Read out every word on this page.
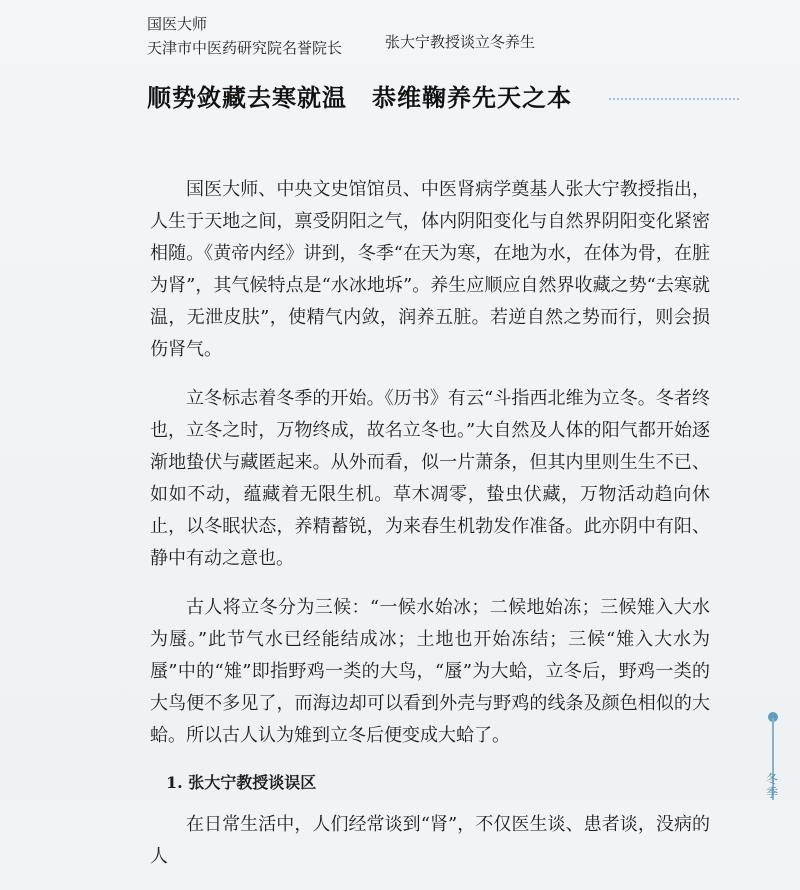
国医大师
天津市中医药研究院名誉院长	张大宁教授谈立冬养生
顺势敛藏去寒就温　恭维鞠养先天之本

国医大师、中央文史馆馆员、中医肾病学奠基人张大宁教授指出，人生于天地之间，禀受阴阳之气，体内阴阳变化与自然界阴阳变化紧密相随。《黄帝内经》讲到，冬季“在天为寒，在地为水，在体为骨，在脏为肾”，其气候特点是“水冰地坼”。养生应顺应自然界收藏之势“去寒就温，无泄皮肤”，使精气内敛，润养五脏。若逆自然之势而行，则会损伤肾气。

立冬标志着冬季的开始。《历书》有云“斗指西北维为立冬。冬者终也，立冬之时，万物终成，故名立冬也。”大自然及人体的阳气都开始逐渐地蛰伏与藏匿起来。从外而看，似一片萧条，但其内里则生生不已、如如不动，蕴藏着无限生机。草木凋零，蛰虫伏藏，万物活动趋向休止，以冬眠状态，养精蓄锐，为来春生机勃发作准备。此亦阴中有阳、静中有动之意也。

古人将立冬分为三候：“一候水始冰；二候地始冻；三候雉入大水为蜃。”此节气水已经能结成冰；土地也开始冻结；三候“雉入大水为蜃”中的“雉”即指野鸡一类的大鸟，“蜃”为大蛤，立冬后，野鸡一类的大鸟便不多见了，而海边却可以看到外壳与野鸡的线条及颜色相似的大蛤。所以古人认为雉到立冬后便变成大蛤了。

1. 张大宁教授谈误区

在日常生活中，人们经常谈到“肾”，不仅医生谈、患者谈，没病的人

冬季
